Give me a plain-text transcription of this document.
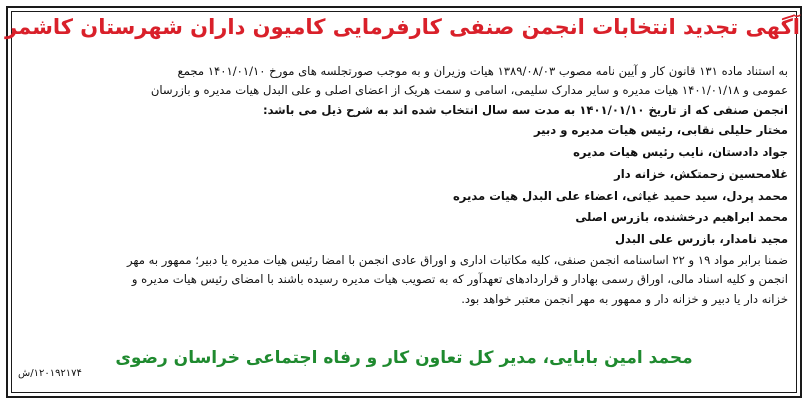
آگهی تجدید انتخابات انجمن صنفی کارفرمایی کامیون داران شهرستان کاشمر

به استناد ماده ۱۳۱ قانون کار و آیین نامه مصوب ۱۳۸۹/۰۸/۰۳ هیات وزیران و به موجب صورتجلسه های مورخ ۱۴۰۱/۰۱/۱۰ مجمع

عمومی و ۱۴۰۱/۰۱/۱۸ هیات مدیره و سایر مدارک سلیمی، اسامی و سمت هریک از اعضای اصلی و علی البدل هیات مدیره و بازرسان

انجمن صنفی که از تاریخ ۱۴۰۱/۰۱/۱۰ به مدت سه سال انتخاب شده اند به شرح ذیل می باشد:

مختار حلیلی نقابی، رئیس هیات مدیره و دبیر

جواد دادستان، نایب رئیس هیات مدیره

غلامحسین زحمتکش، خزانه دار

محمد پردل، سید حمید غیاثی، اعضاء علی البدل هیات مدیره

محمد ابراهیم درخشنده، بازرس اصلی

مجید نامدار، بازرس علی البدل

ضمنا برابر مواد ۱۹ و ۲۲ اساسنامه انجمن صنفی، کلیه مکاتبات اداری و اوراق عادی انجمن با امضا رئیس هیات مدیره یا دبیر؛ ممهور به مهر

انجمن و کلیه اسناد مالی، اوراق رسمی بهادار و قراردادهای تعهدآور که به تصویب هیات مدیره رسیده باشند با امضای رئیس هیات مدیره و

خزانه دار یا دبیر و خزانه دار و ممهور به مهر انجمن معتبر خواهد بود.

محمد امین بابایی، مدیر کل تعاون کار و رفاه اجتماعی خراسان رضوی
۱۲۰۱۹۲۱۷۴/ش
